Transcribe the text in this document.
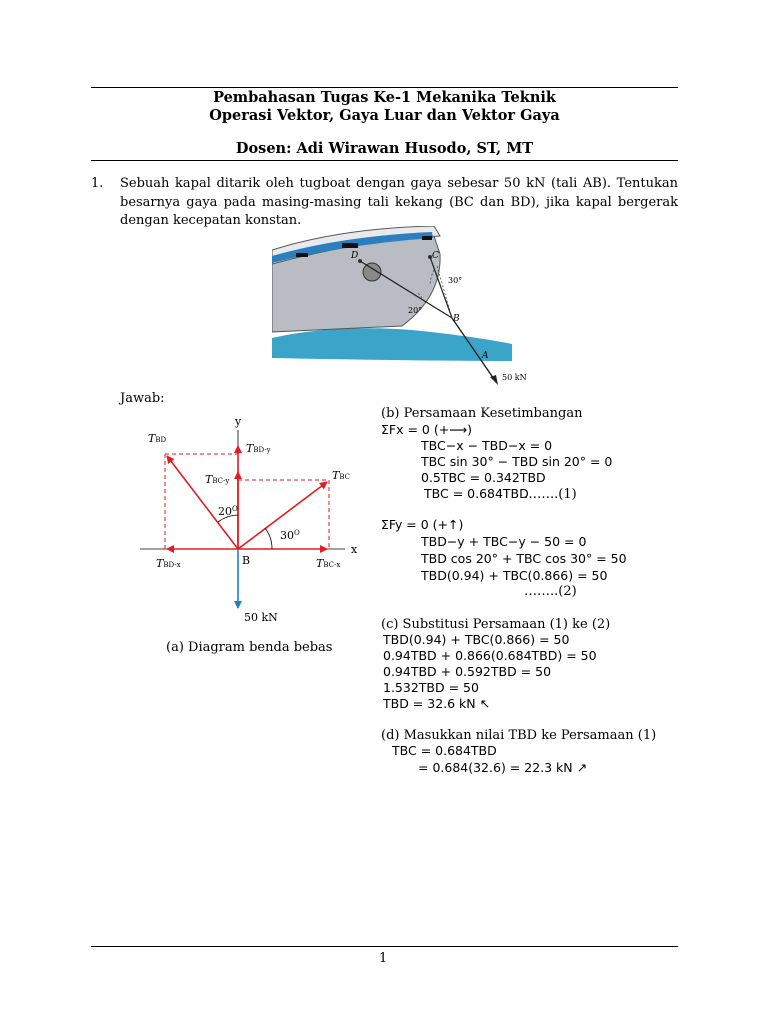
Pembahasan Tugas Ke-1 Mekanika Teknik
Operasi Vektor, Gaya Luar dan Vektor Gaya
Dosen: Adi Wirawan Husodo, ST, MT
1. Sebuah kapal ditarik oleh tugboat dengan gaya sebesar 50 kN (tali AB). Tentukan besarnya gaya pada masing-masing tali kekang (BC dan BD), jika kapal bergerak dengan kecepatan konstan.
D	C
30°
20°
B
A
50 kN
Jawab:
y
x
B
TBD
TBD-y
TBC-y	TBC
TBD-x	TBC-x
$20^O$
$30^O$
50 kN
(a) Diagram benda bebas
(b) Persamaan Kesetimbangan
ΣFx = 0 (+⟶)
TBC−x − TBD−x = 0
TBC sin 30° − TBD sin 20° = 0
0.5TBC = 0.342TBD
TBC = 0.684TBD
……..(1)
ΣFy = 0 (+↑)
TBD−y + TBC−y − 50 = 0
TBD cos 20° + TBC cos 30° = 50
TBD(0.94) + TBC(0.866) = 50
……..(2)
(c) Substitusi Persamaan (1) ke (2)
TBD(0.94) + TBC(0.866) = 50
0.94TBD + 0.866(0.684TBD) = 50
0.94TBD + 0.592TBD = 50
1.532TBD = 50
TBD = 32.6 kN ↖
(d) Masukkan nilai TBD ke Persamaan (1)
TBC = 0.684TBD
= 0.684(32.6) = 22.3 kN ↗
1
